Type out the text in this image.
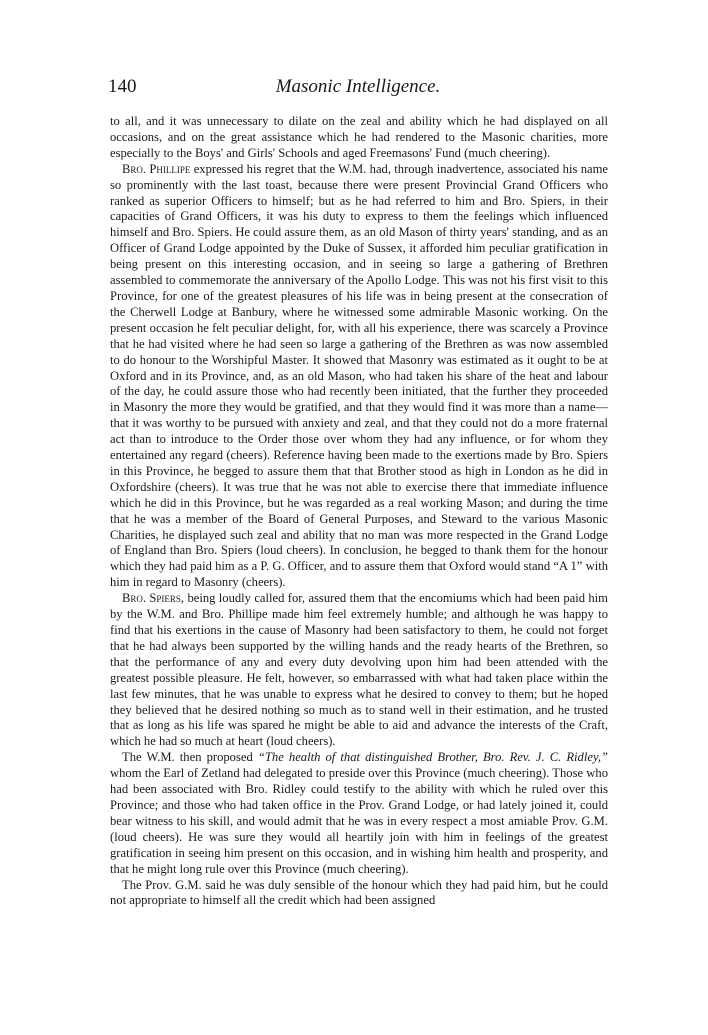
140	Masonic Intelligence.

to all, and it was unnecessary to dilate on the zeal and ability which he had displayed on all occasions, and on the great assistance which he had rendered to the Masonic charities, more especially to the Boys' and Girls' Schools and aged Freemasons' Fund (much cheering).

Bro. Phillipe expressed his regret that the W.M. had, through inadvertence, associated his name so prominently with the last toast, because there were present Provincial Grand Officers who ranked as superior Officers to himself; but as he had referred to him and Bro. Spiers, in their capacities of Grand Officers, it was his duty to express to them the feelings which influenced himself and Bro. Spiers. He could assure them, as an old Mason of thirty years' standing, and as an Officer of Grand Lodge appointed by the Duke of Sussex, it afforded him peculiar gratification in being present on this interesting occasion, and in seeing so large a gathering of Brethren assembled to commemorate the anniversary of the Apollo Lodge. This was not his first visit to this Province, for one of the greatest pleasures of his life was in being present at the consecration of the Cherwell Lodge at Banbury, where he witnessed some admirable Masonic working. On the present occasion he felt peculiar delight, for, with all his experience, there was scarcely a Province that he had visited where he had seen so large a gathering of the Brethren as was now assembled to do honour to the Worshipful Master. It showed that Masonry was estimated as it ought to be at Oxford and in its Province, and, as an old Mason, who had taken his share of the heat and labour of the day, he could assure those who had recently been initiated, that the further they proceeded in Masonry the more they would be gratified, and that they would find it was more than a name—that it was worthy to be pursued with anxiety and zeal, and that they could not do a more fraternal act than to introduce to the Order those over whom they had any influence, or for whom they entertained any regard (cheers). Reference having been made to the exertions made by Bro. Spiers in this Province, he begged to assure them that that Brother stood as high in London as he did in Oxfordshire (cheers). It was true that he was not able to exercise there that immediate influence which he did in this Province, but he was regarded as a real working Mason; and during the time that he was a member of the Board of General Purposes, and Steward to the various Masonic Charities, he displayed such zeal and ability that no man was more respected in the Grand Lodge of England than Bro. Spiers (loud cheers). In conclusion, he begged to thank them for the honour which they had paid him as a P. G. Officer, and to assure them that Oxford would stand “A 1” with him in regard to Masonry (cheers).

Bro. Spiers, being loudly called for, assured them that the encomiums which had been paid him by the W.M. and Bro. Phillipe made him feel extremely humble; and although he was happy to find that his exertions in the cause of Masonry had been satisfactory to them, he could not forget that he had always been supported by the willing hands and the ready hearts of the Brethren, so that the performance of any and every duty devolving upon him had been attended with the greatest possible pleasure. He felt, however, so embarrassed with what had taken place within the last few minutes, that he was unable to express what he desired to convey to them; but he hoped they believed that he desired nothing so much as to stand well in their estimation, and he trusted that as long as his life was spared he might be able to aid and advance the interests of the Craft, which he had so much at heart (loud cheers).

The W.M. then proposed “The health of that distinguished Brother, Bro. Rev. J. C. Ridley,” whom the Earl of Zetland had delegated to preside over this Province (much cheering). Those who had been associated with Bro. Ridley could testify to the ability with which he ruled over this Province; and those who had taken office in the Prov. Grand Lodge, or had lately joined it, could bear witness to his skill, and would admit that he was in every respect a most amiable Prov. G.M. (loud cheers). He was sure they would all heartily join with him in feelings of the greatest gratification in seeing him present on this occasion, and in wishing him health and prosperity, and that he might long rule over this Province (much cheering).

The Prov. G.M. said he was duly sensible of the honour which they had paid him, but he could not appropriate to himself all the credit which had been assigned
